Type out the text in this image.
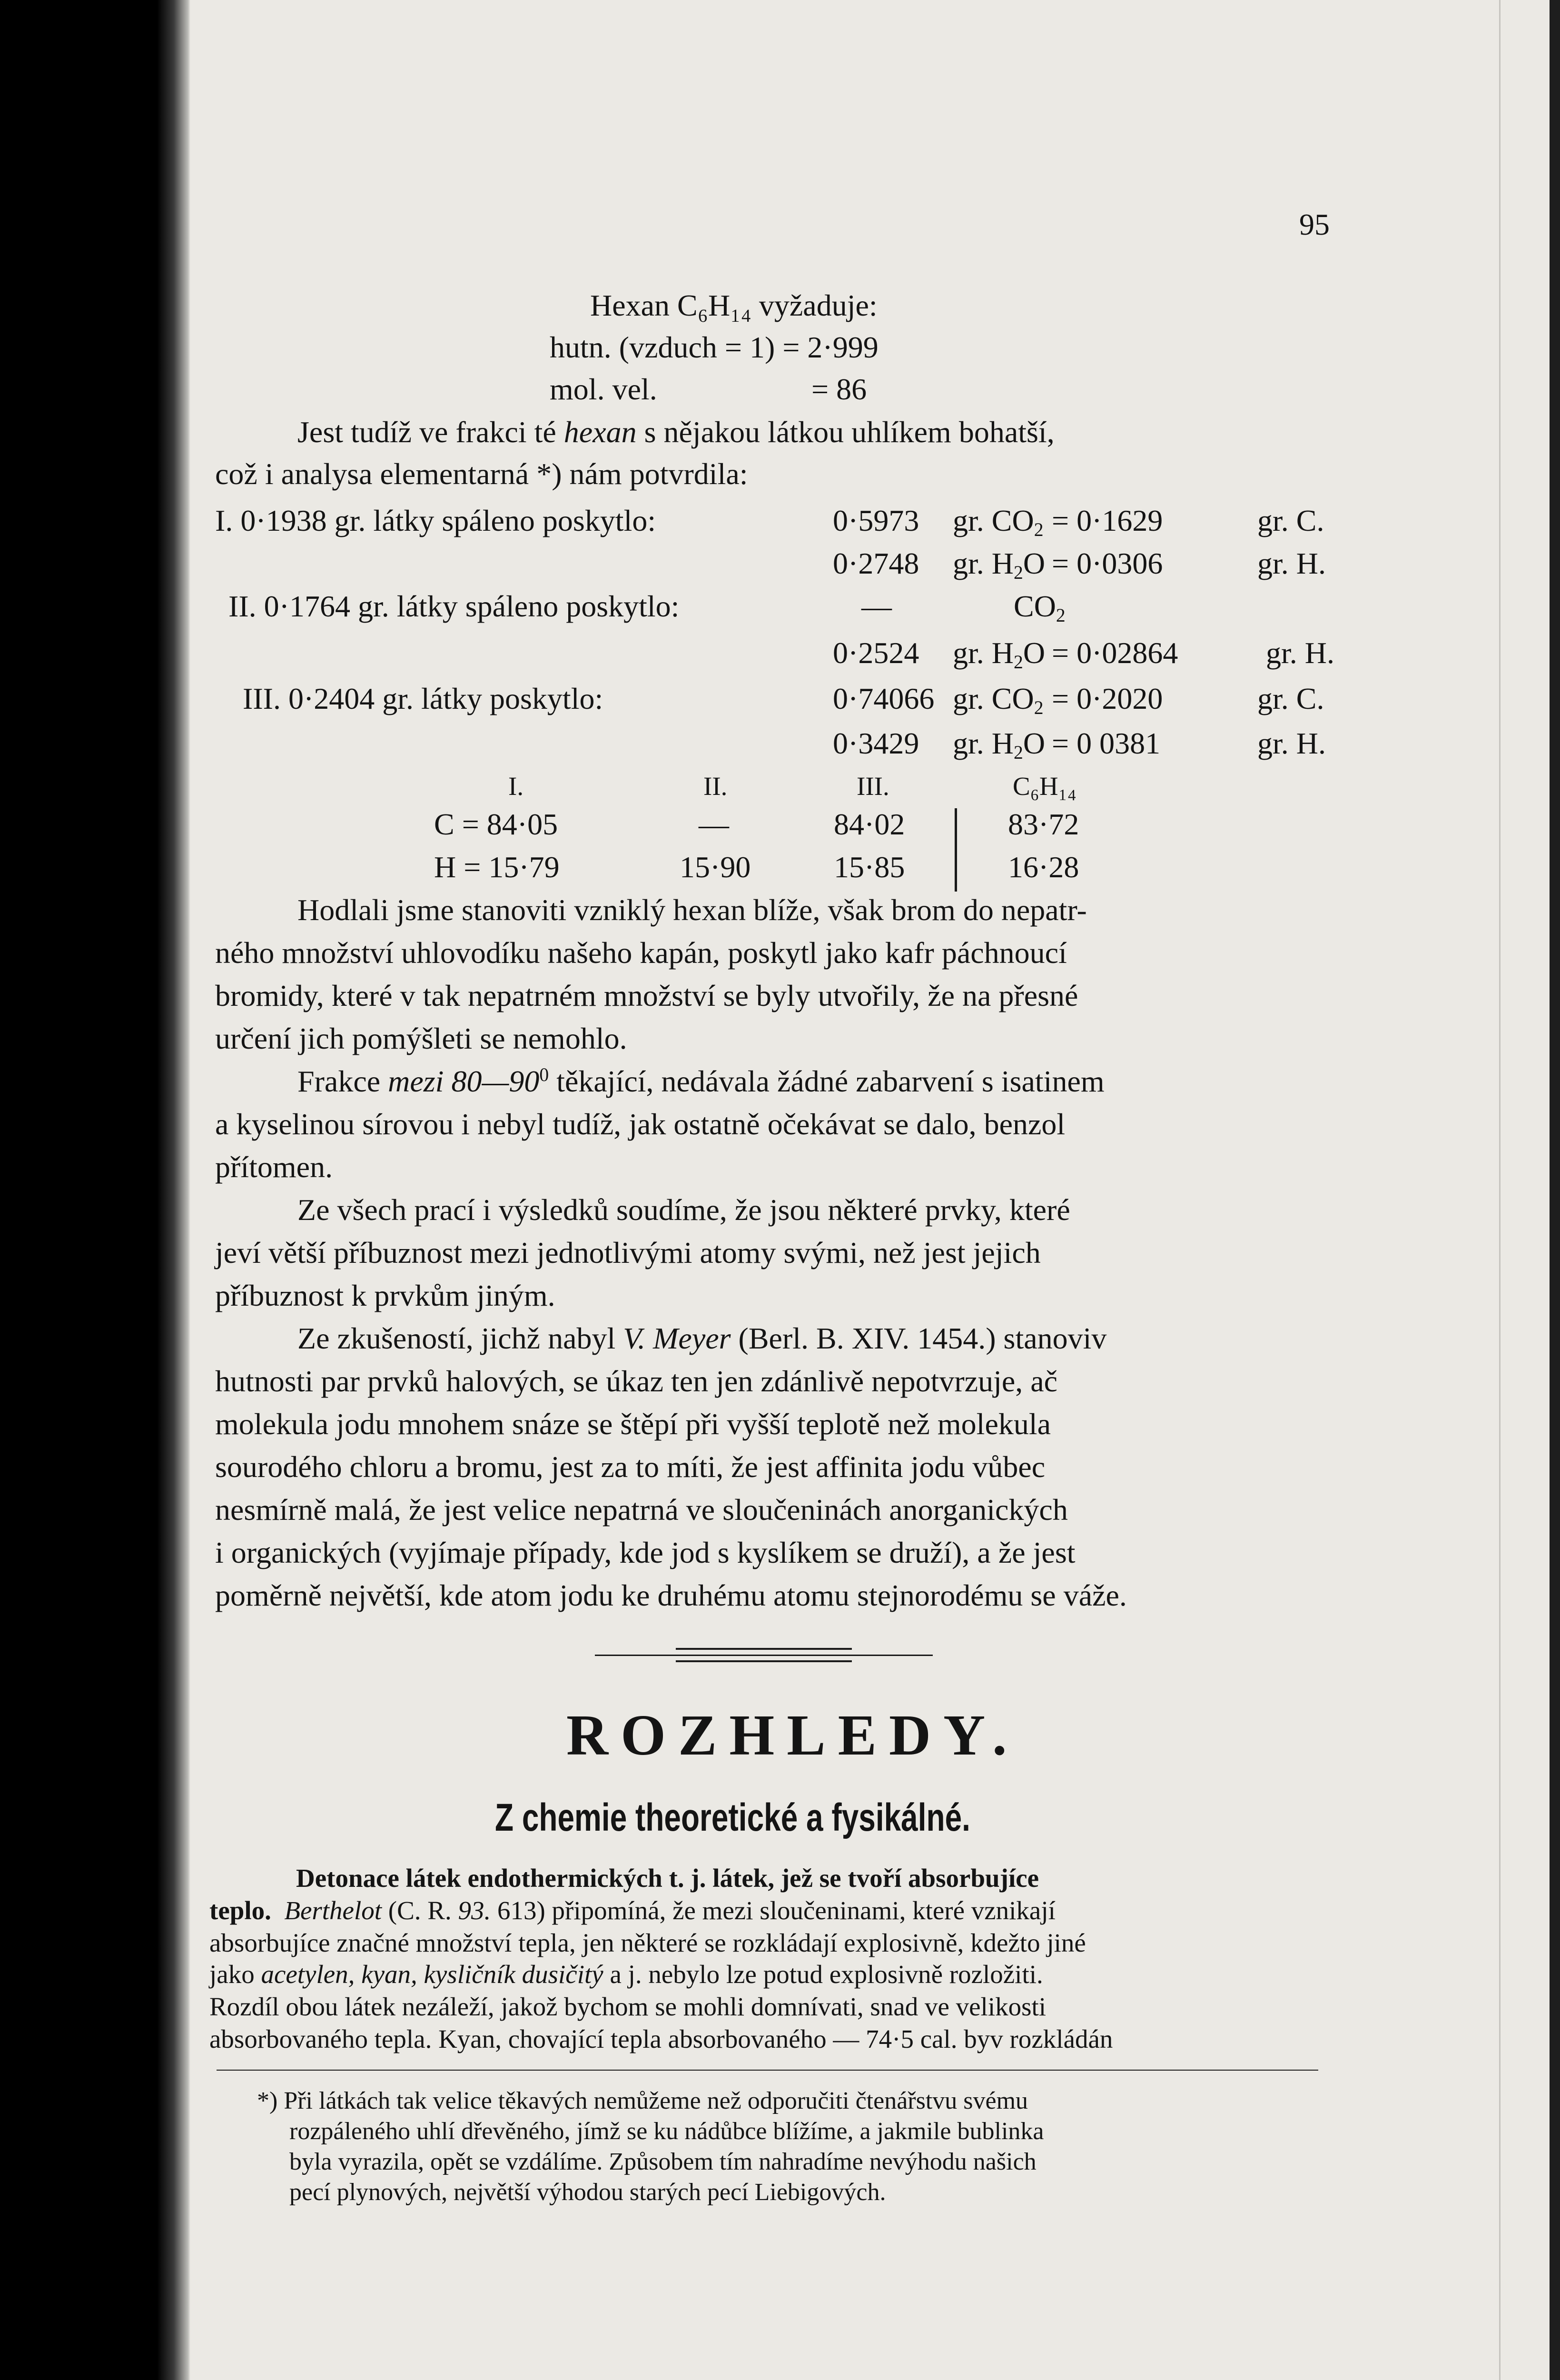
95
Hexan C₆H₁₄ vyžaduje:
hutn. (vzduch = 1) = 2·999
mol. vel.	= 86
Jest tudíž ve frakci té hexan s nějakou látkou uhlíkem bohatší,
což i analysa elementarná *) nám potvrdila:
I. 0·1938 gr. látky spáleno poskytlo:	0·5973 gr. $CO_2 = 0\cdot 1629$	gr. C.
0·2748 gr. $H_2O = 0\cdot 0306$	gr. H.
II. 0·1764 gr. látky spáleno poskytlo:	—	$CO_2$
0·2524 gr. $H_2O = 0\cdot 02864$	gr. H.
III. 0·2404 gr. látky poskytlo:	0·74066 gr. $CO_2 = 0\cdot 2020$	gr. C.
0·3429 gr. $H_2O = 0$ 0381	gr. H.
I.	II.	III.	C₆H₁₄
C = 84·05	—	84·02	83·72
H = 15·79	15·90	15·85	16·28
Hodlali jsme stanoviti vzniklý hexan blíže, však brom do nepatr-
ného množství uhlovodíku našeho kapán, poskytl jako kafr páchnoucí
bromidy, které v tak nepatrném množství se byly utvořily, že na přesné
určení jich pomýšleti se nemohlo.
Frakce mezi $80—90^0$ těkající, nedávala žádné zabarvení s isatinem
a kyselinou sírovou i nebyl tudíž, jak ostatně očekávat se dalo, benzol
přítomen.
Ze všech prací i výsledků soudíme, že jsou některé prvky, které
jeví větší příbuznost mezi jednotlivými atomy svými, než jest jejich
příbuznost k prvkům jiným.
Ze zkušeností, jichž nabyl V. Meyer (Berl. B. XIV. 1454.) stanoviv
hutnosti par prvků halových, se úkaz ten jen zdánlivě nepotvrzuje, ač
molekula jodu mnohem snáze se štěpí při vyšší teplotě než molekula
sourodého chloru a bromu, jest za to míti, že jest affinita jodu vůbec
nesmírně malá, že jest velice nepatrná ve sloučeninách anorganických
i organických (vyjímaje případy, kde jod s kyslíkem se druží), a že jest
poměrně největší, kde atom jodu ke druhému atomu stejnorodému se váže.
ROZHLEDY.
Z chemie theoretické a fysikálné.
Detonace látek endothermických t. j. látek, jež se tvoří absorbujíce
teplo. Berthelot (C. R. 93. 613) připomíná, že mezi sloučeninami, které vznikají
absorbujíce značné množství tepla, jen některé se rozkládají explosivně, kdežto jiné
jako acetylen, kyan, kysličník dusičitý a j. nebylo lze potud explosivně rozložiti.
Rozdíl obou látek nezáleží, jakož bychom se mohli domnívati, snad ve velikosti
absorbovaného tepla. Kyan, chovající tepla absorbovaného — 74·5 cal. byv rozkládán
*) Při látkách tak velice těkavých nemůžeme než odporučiti čtenářstvu svému
rozpáleného uhlí dřevěného, jímž se ku nádůbce blížíme, a jakmile bublinka
byla vyrazila, opět se vzdálíme. Způsobem tím nahradíme nevýhodu našich
pecí plynových, největší výhodou starých pecí Liebigových.
